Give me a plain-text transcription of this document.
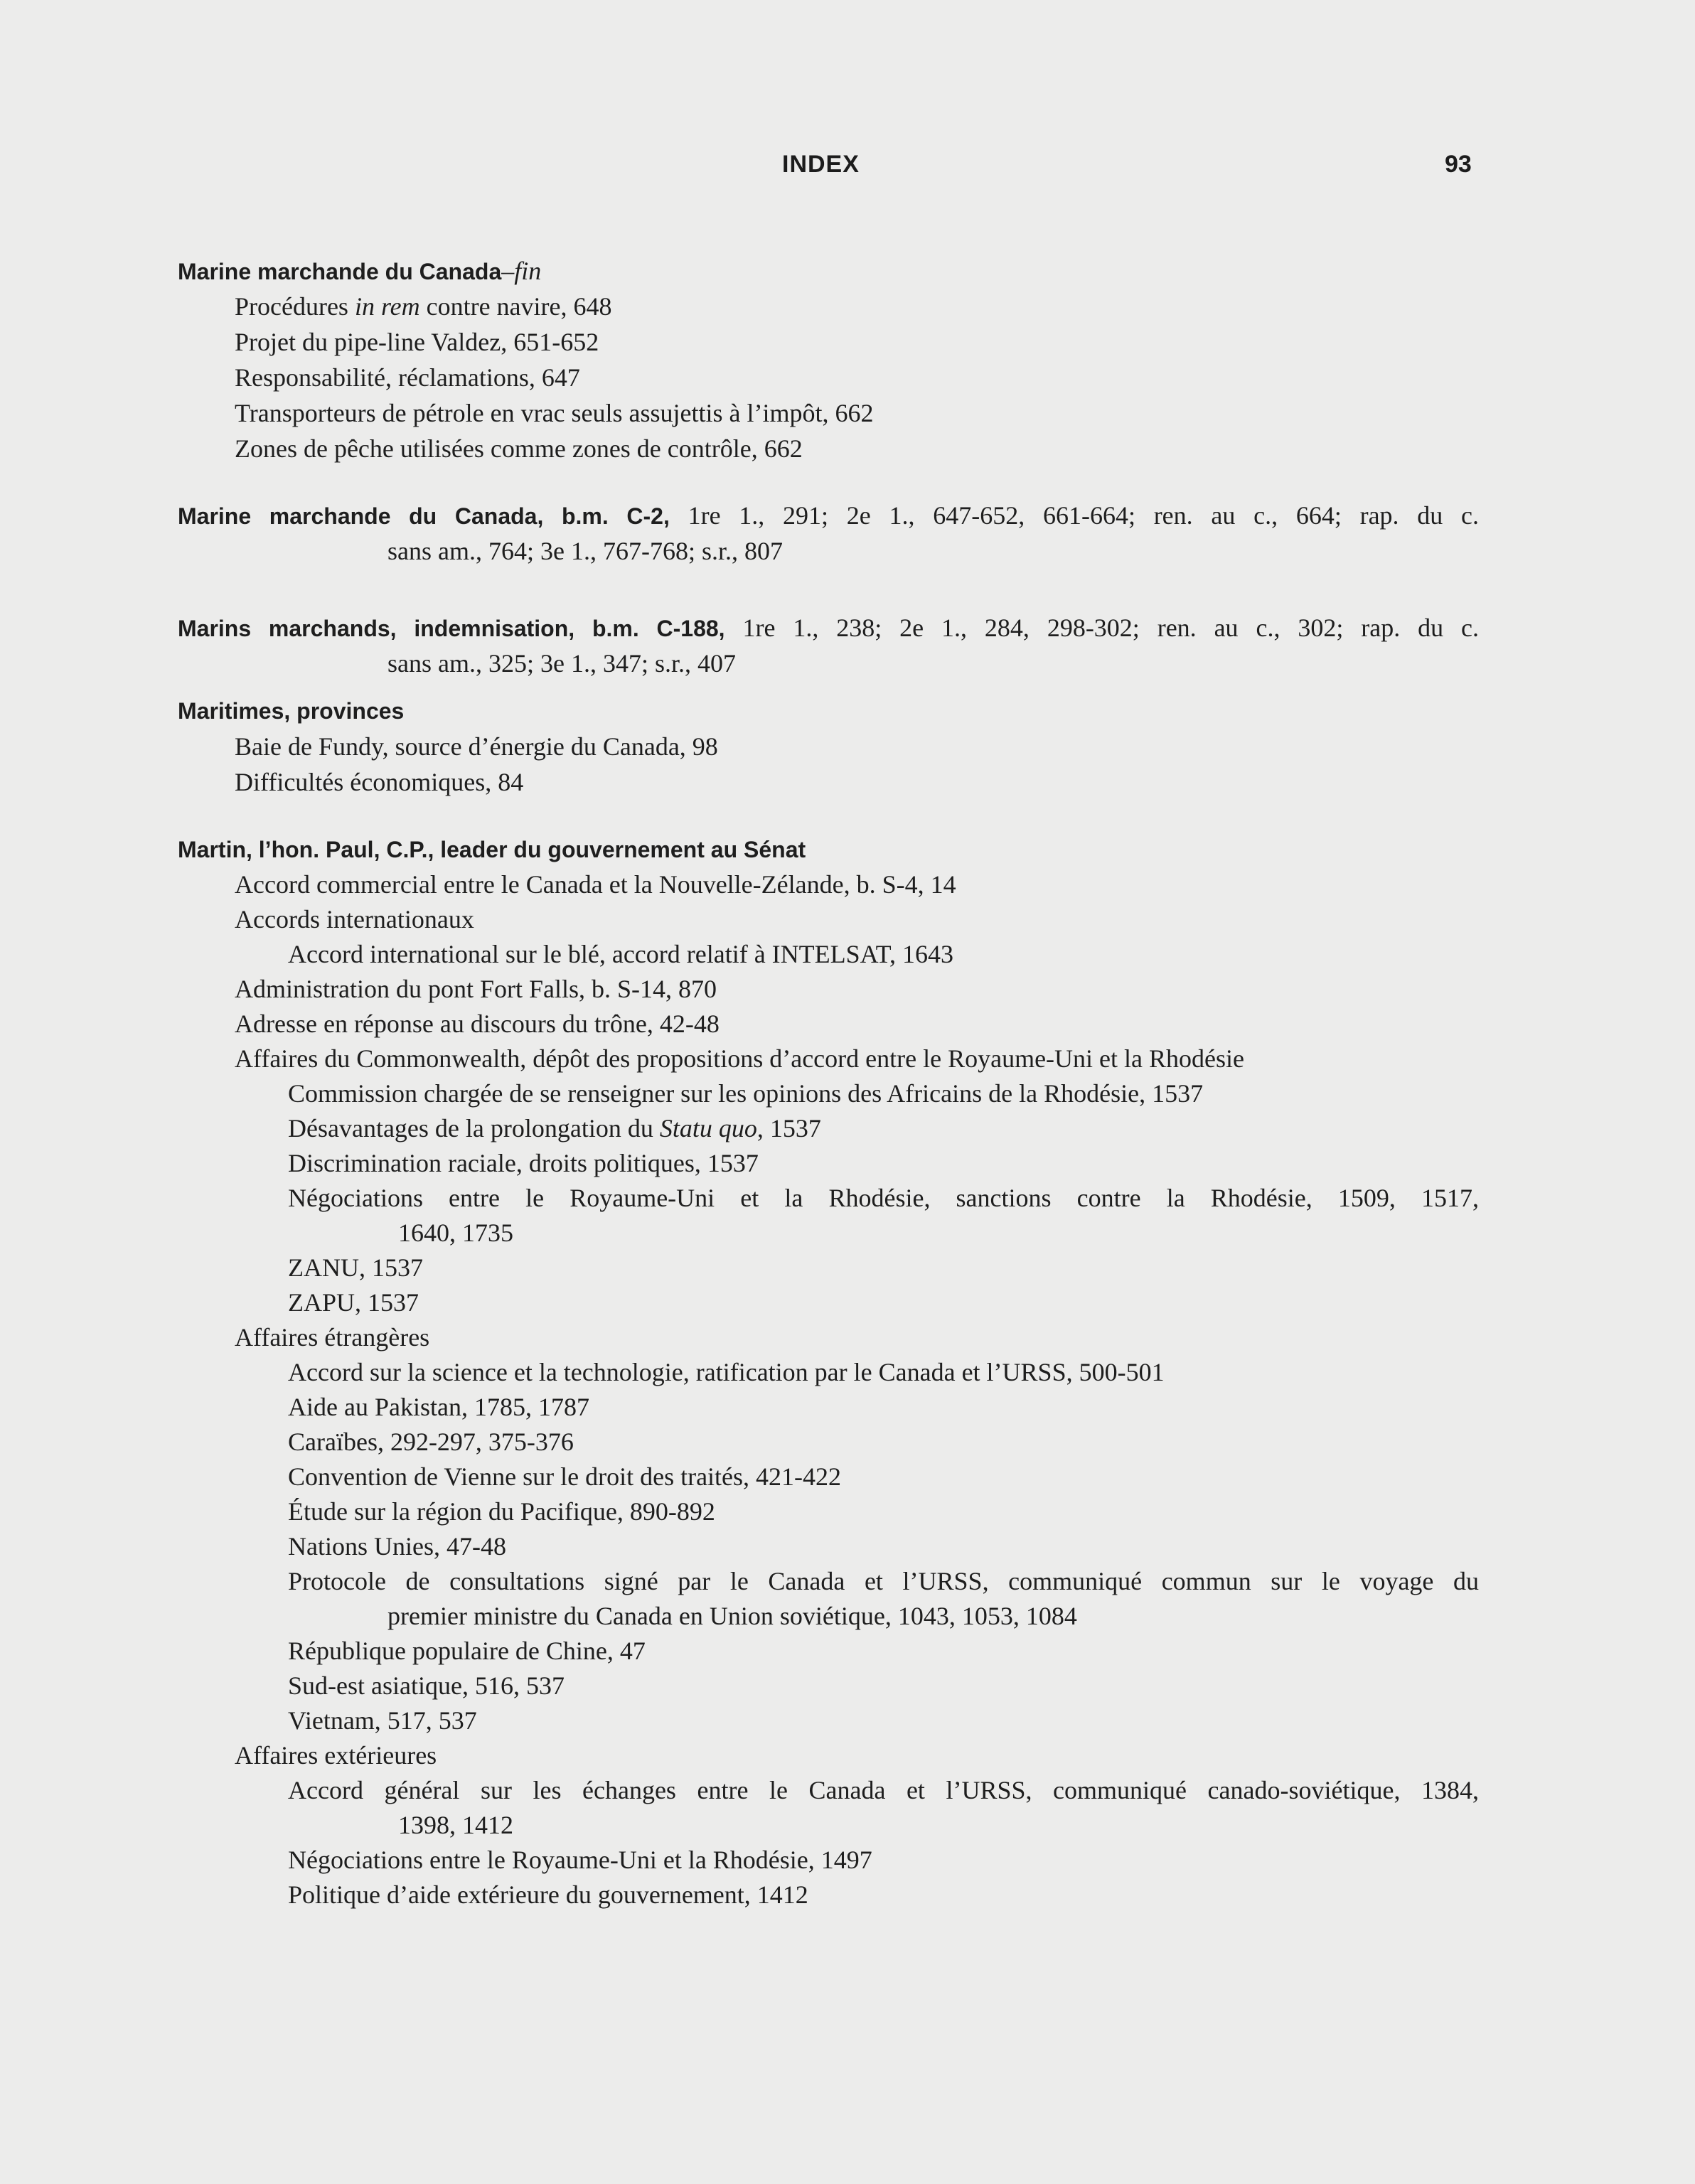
INDEX	93
Marine marchande du Canada–fin
Procédures in rem contre navire, 648
Projet du pipe-line Valdez, 651-652
Responsabilité, réclamations, 647
Transporteurs de pétrole en vrac seuls assujettis à l’impôt, 662
Zones de pêche utilisées comme zones de contrôle, 662
Marine marchande du Canada, b.m. C-2, 1re 1., 291; 2e 1., 647-652, 661-664; ren. au c., 664; rap. du c.
sans am., 764; 3e 1., 767-768; s.r., 807
Marins marchands, indemnisation, b.m. C-188, 1re 1., 238; 2e 1., 284, 298-302; ren. au c., 302; rap. du c.
sans am., 325; 3e 1., 347; s.r., 407
Maritimes, provinces
Baie de Fundy, source d’énergie du Canada, 98
Difficultés économiques, 84
Martin, l’hon. Paul, C.P., leader du gouvernement au Sénat
Accord commercial entre le Canada et la Nouvelle-Zélande, b. S-4, 14
Accords internationaux
Accord international sur le blé, accord relatif à INTELSAT, 1643
Administration du pont Fort Falls, b. S-14, 870
Adresse en réponse au discours du trône, 42-48
Affaires du Commonwealth, dépôt des propositions d’accord entre le Royaume-Uni et la Rhodésie
Commission chargée de se renseigner sur les opinions des Africains de la Rhodésie, 1537
Désavantages de la prolongation du Statu quo, 1537
Discrimination raciale, droits politiques, 1537
Négociations entre le Royaume-Uni et la Rhodésie, sanctions contre la Rhodésie, 1509, 1517,
1640, 1735
ZANU, 1537
ZAPU, 1537
Affaires étrangères
Accord sur la science et la technologie, ratification par le Canada et l’URSS, 500-501
Aide au Pakistan, 1785, 1787
Caraïbes, 292-297, 375-376
Convention de Vienne sur le droit des traités, 421-422
Étude sur la région du Pacifique, 890-892
Nations Unies, 47-48
Protocole de consultations signé par le Canada et l’URSS, communiqué commun sur le voyage du
premier ministre du Canada en Union soviétique, 1043, 1053, 1084
République populaire de Chine, 47
Sud-est asiatique, 516, 537
Vietnam, 517, 537
Affaires extérieures
Accord général sur les échanges entre le Canada et l’URSS, communiqué canado-soviétique, 1384,
1398, 1412
Négociations entre le Royaume-Uni et la Rhodésie, 1497
Politique d’aide extérieure du gouvernement, 1412
